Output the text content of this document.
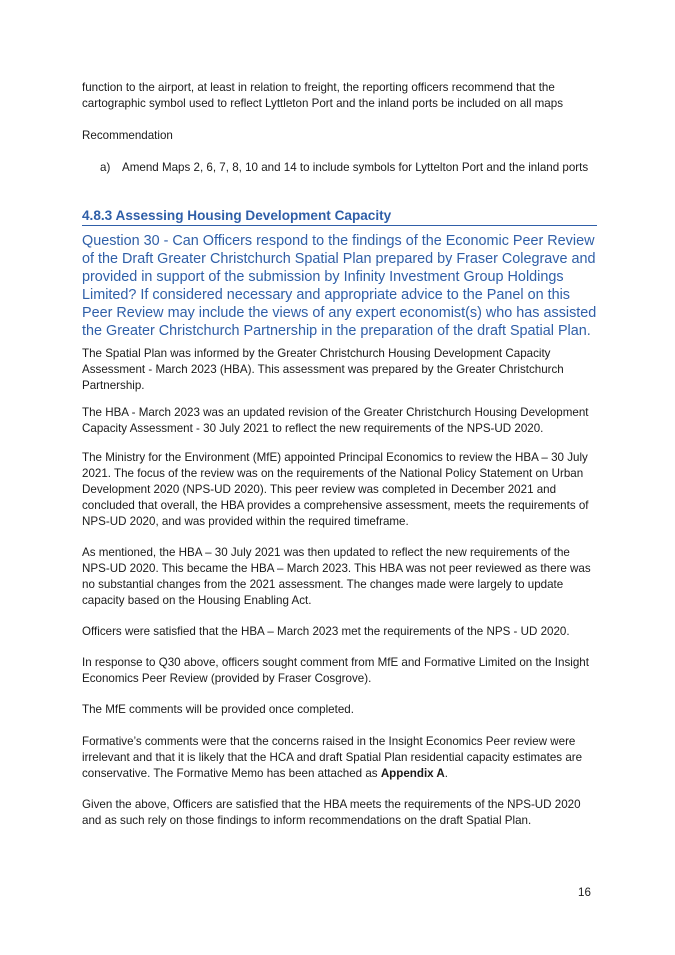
function to the airport, at least in relation to freight, the reporting officers recommend that the cartographic symbol used to reflect Lyttleton Port and the inland ports be included on all maps

Recommendation

a) Amend Maps 2, 6, 7, 8, 10 and 14 to include symbols for Lyttelton Port and the inland ports
4.8.3 Assessing Housing Development Capacity
Question 30 - Can Officers respond to the findings of the Economic Peer Review of the Draft Greater Christchurch Spatial Plan prepared by Fraser Colegrave and provided in support of the submission by Infinity Investment Group Holdings Limited? If considered necessary and appropriate advice to the Panel on this Peer Review may include the views of any expert economist(s) who has assisted the Greater Christchurch Partnership in the preparation of the draft Spatial Plan.

The Spatial Plan was informed by the Greater Christchurch Housing Development Capacity Assessment - March 2023 (HBA). This assessment was prepared by the Greater Christchurch Partnership.

The HBA - March 2023 was an updated revision of the Greater Christchurch Housing Development Capacity Assessment - 30 July 2021 to reflect the new requirements of the NPS-UD 2020.

The Ministry for the Environment (MfE) appointed Principal Economics to review the HBA – 30 July 2021. The focus of the review was on the requirements of the National Policy Statement on Urban Development 2020 (NPS-UD 2020). This peer review was completed in December 2021 and concluded that overall, the HBA provides a comprehensive assessment, meets the requirements of NPS-UD 2020, and was provided within the required timeframe.

As mentioned, the HBA – 30 July 2021 was then updated to reflect the new requirements of the NPS-UD 2020. This became the HBA – March 2023. This HBA was not peer reviewed as there was no substantial changes from the 2021 assessment. The changes made were largely to update capacity based on the Housing Enabling Act.

Officers were satisfied that the HBA – March 2023 met the requirements of the NPS - UD 2020.

In response to Q30 above, officers sought comment from MfE and Formative Limited on the Insight Economics Peer Review (provided by Fraser Cosgrove).

The MfE comments will be provided once completed.

Formative’s comments were that the concerns raised in the Insight Economics Peer review were irrelevant and that it is likely that the HCA and draft Spatial Plan residential capacity estimates are conservative. The Formative Memo has been attached as Appendix A.

Given the above, Officers are satisfied that the HBA meets the requirements of the NPS-UD 2020 and as such rely on those findings to inform recommendations on the draft Spatial Plan.

16
